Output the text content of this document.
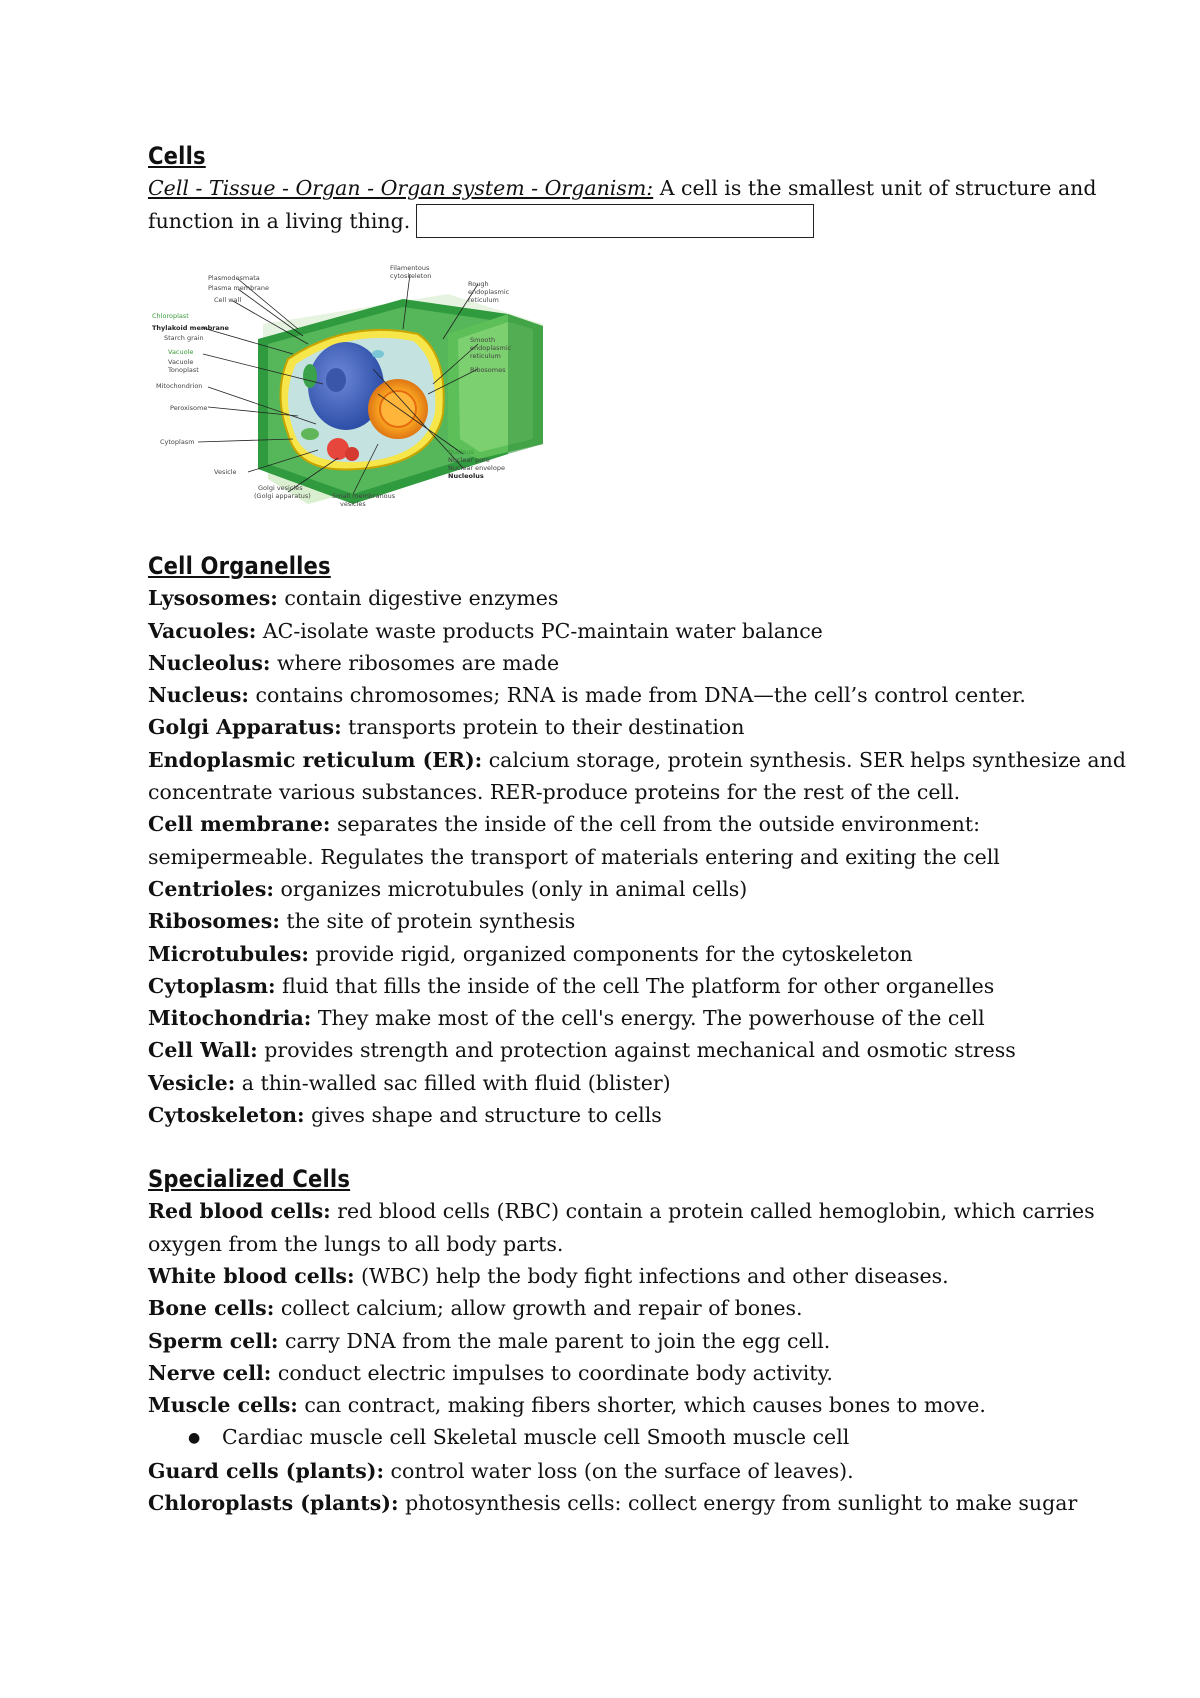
Cells
Cell - Tissue - Organ - Organ system - Organism: A cell is the smallest unit of structure and
function in a living thing.
Plasmodesmata
Plasma membrane
Cell wall
Chloroplast
Thylakoid membrane
Starch grain
Vacuole
Vacuole
Tonoplast
Mitochondrion
Peroxisome
Cytoplasm
Vesicle
Golgi vesicles
(Golgi apparatus)	Small membranous
vesicles
Filamentous
cytoskeleton
Smooth
endoplasmic
reticulum
Ribosomes
Rough
endoplasmic
reticulum
Nucleus
Nuclear pore
Nuclear envelope
Nucleolus
Cell Organelles
Lysosomes: contain digestive enzymes
Vacuoles: AC-isolate waste products PC-maintain water balance
Nucleolus: where ribosomes are made
Nucleus: contains chromosomes; RNA is made from DNA—the cell’s control center.
Golgi Apparatus: transports protein to their destination
Endoplasmic reticulum (ER): calcium storage, protein synthesis. SER helps synthesize and
concentrate various substances. RER-produce proteins for the rest of the cell.
Cell membrane: separates the inside of the cell from the outside environment:
semipermeable. Regulates the transport of materials entering and exiting the cell
Centrioles: organizes microtubules (only in animal cells)
Ribosomes: the site of protein synthesis
Microtubules: provide rigid, organized components for the cytoskeleton
Cytoplasm: fluid that fills the inside of the cell The platform for other organelles
Mitochondria: They make most of the cell's energy. The powerhouse of the cell
Cell Wall: provides strength and protection against mechanical and osmotic stress
Vesicle: a thin-walled sac filled with fluid (blister)
Cytoskeleton: gives shape and structure to cells
Specialized Cells
Red blood cells: red blood cells (RBC) contain a protein called hemoglobin, which carries
oxygen from the lungs to all body parts.
White blood cells: (WBC) help the body fight infections and other diseases.
Bone cells: collect calcium; allow growth and repair of bones.
Sperm cell: carry DNA from the male parent to join the egg cell.
Nerve cell: conduct electric impulses to coordinate body activity.
Muscle cells: can contract, making fibers shorter, which causes bones to move.
● Cardiac muscle cell Skeletal muscle cell Smooth muscle cell
Guard cells (plants): control water loss (on the surface of leaves).
Chloroplasts (plants): photosynthesis cells: collect energy from sunlight to make sugar
